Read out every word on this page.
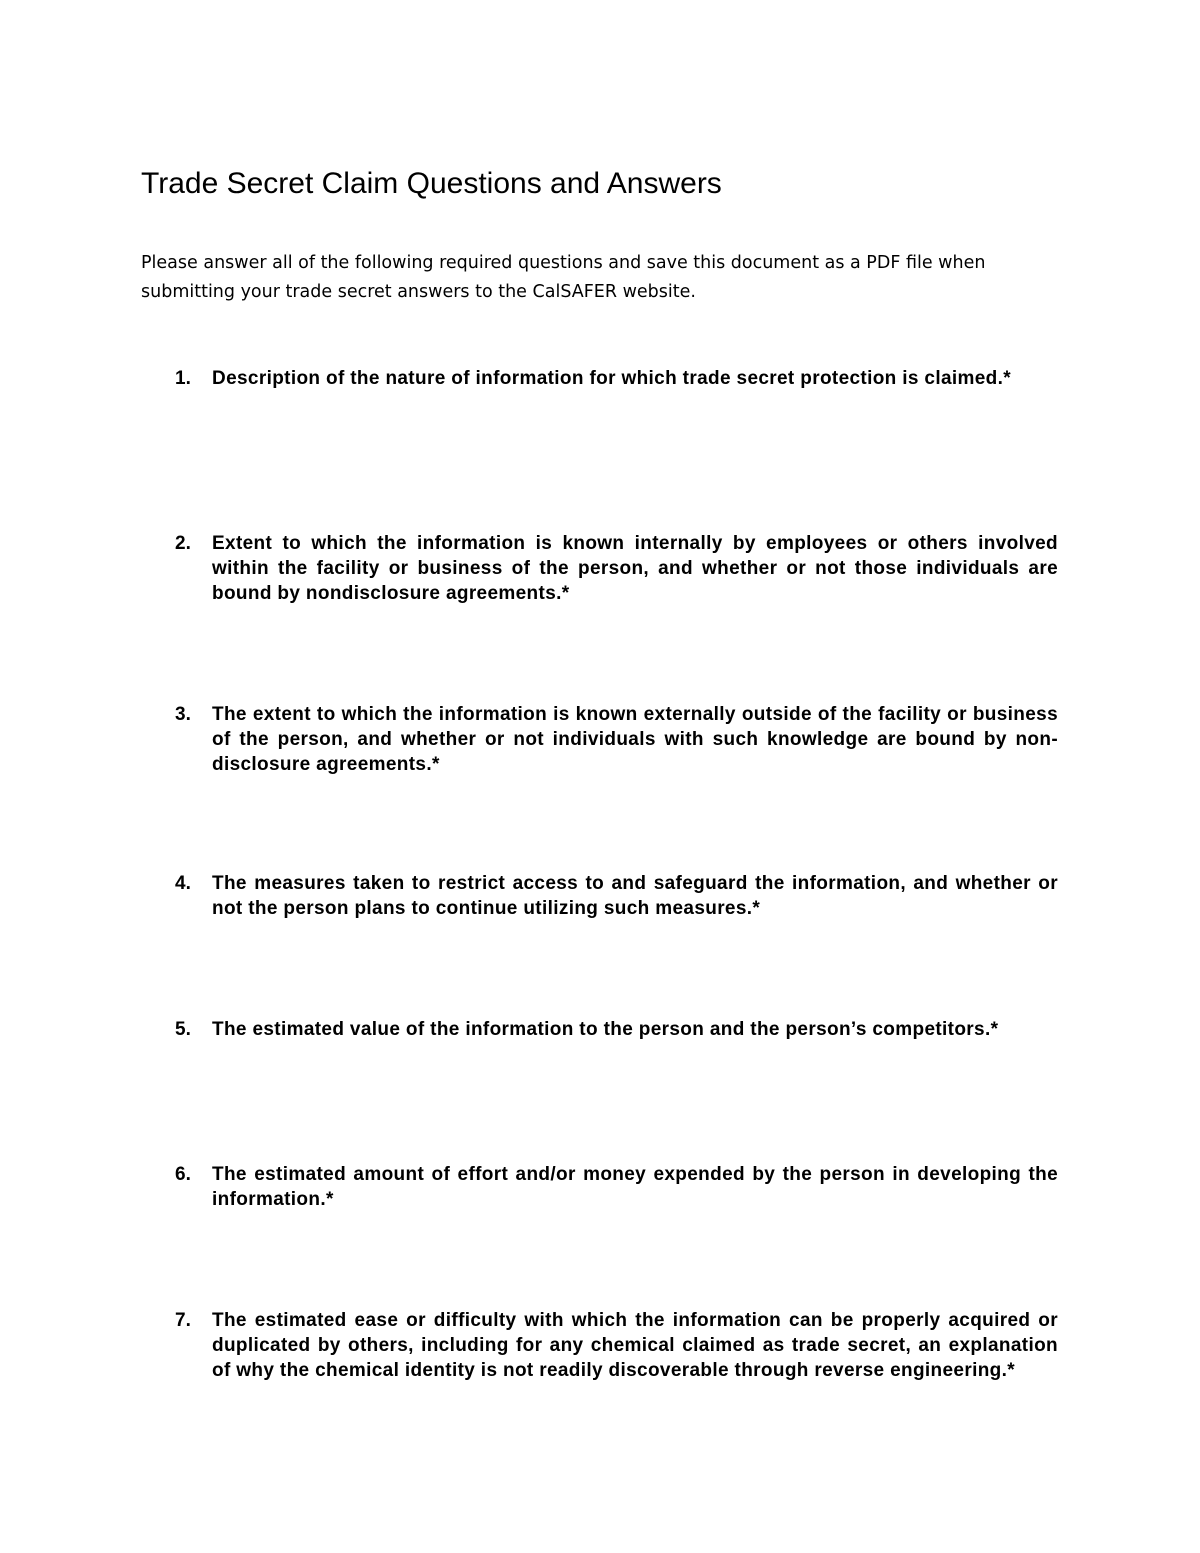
Trade Secret Claim Questions and Answers

Please answer all of the following required questions and save this document as a PDF file when
submitting your trade secret answers to the CalSAFER website.

1.	Description of the nature of information for which trade secret protection is claimed.*
2.	Extent to which the information is known internally by employees or others involved within the facility or business of the person, and whether or not those individuals are bound by nondisclosure agreements.*
3.	The extent to which the information is known externally outside of the facility or business of the person, and whether or not individuals with such knowledge are bound by non-disclosure agreements.*
4.	The measures taken to restrict access to and safeguard the information, and whether or not the person plans to continue utilizing such measures.*
5.	The estimated value of the information to the person and the person’s competitors.*
6.	The estimated amount of effort and/or money expended by the person in developing the information.*
7.	The estimated ease or difficulty with which the information can be properly acquired or duplicated by others, including for any chemical claimed as trade secret, an explanation of why the chemical identity is not readily discoverable through reverse engineering.*
